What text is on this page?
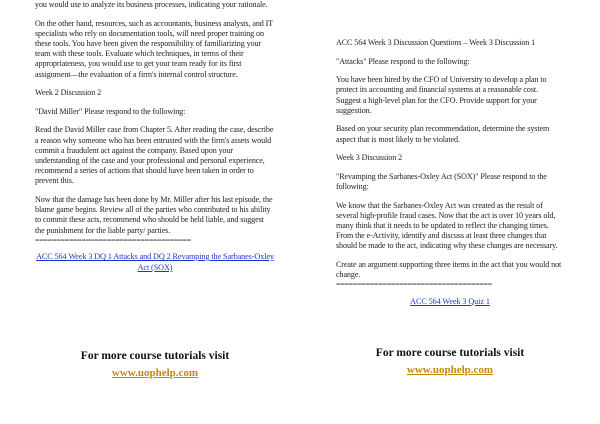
you would use to analyze its business processes, indicating your rationale.

On the other hand, resources, such as accountants, business analysts, and IT specialists who rely on documentation tools, will need proper training on these tools. You have been given the responsibility of familiarizing your team with these tools. Evaluate which techniques, in terms of their appropriateness, you would use to get your team ready for its first assignment—the evaluation of a firm's internal control structure.

Week 2 Discussion 2

"David Miller" Please respond to the following:

Read the David Miller case from Chapter 5. After reading the case, describe a reason why someone who has been entrusted with the firm's assets would commit a fraudulent act against the company. Based upon your understanding of the case and your professional and personal experience, recommend a series of actions that should have been taken in order to prevent this.

Now that the damage has been done by Mr. Miller after his last episode, the blame game begins. Review all of the parties who contributed to his ability to commit these acts, recommend who should be held liable, and suggest the punishment for the liable party/ parties.

=====================================
ACC 564 Week 3 DQ 1 Attacks and DQ 2 Revamping the Sarbanes-Oxley Act (SOX)
For more course tutorials visit
www.uophelp.com

ACC 564 Week 3 Discussion Questions – Week 3 Discussion 1

"Attacks" Please respond to the following:

You have been hired by the CFO of University to develop a plan to protect its accounting and financial systems at a reasonable cost. Suggest a high-level plan for the CFO. Provide support for your suggestion.

Based on your security plan recommendation, determine the system aspect that is most likely to be violated.

Week 3 Discussion 2

"Revamping the Sarbanes-Oxley Act (SOX)" Please respond to the following:

We know that the Sarbanes-Oxley Act was created as the result of several high-profile fraud cases. Now that the act is over 10 years old, many think that it needs to be updated to reflect the changing times. From the e-Activity, identify and discuss at least three changes that should be made to the act, indicating why these changes are necessary.

Create an argument supporting three items in the act that you would not change.

=====================================
ACC 564 Week 3 Quiz 1
For more course tutorials visit
www.uophelp.com
